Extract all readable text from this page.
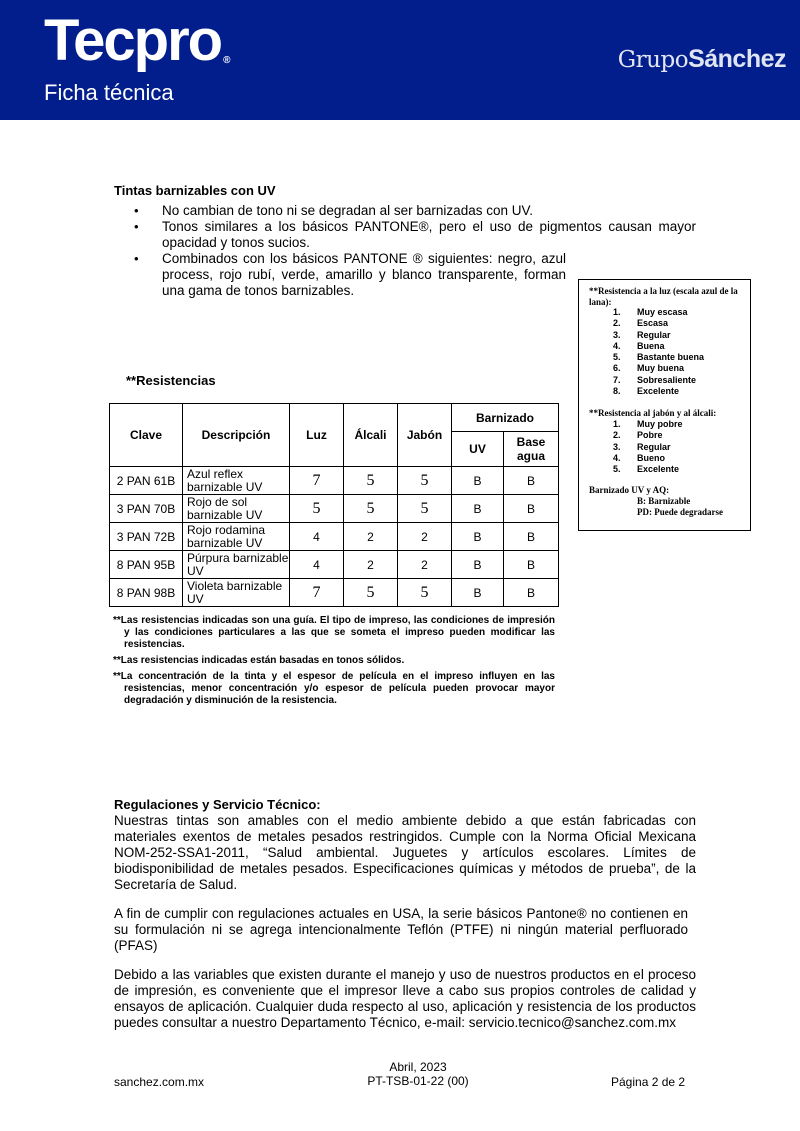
Tecpro ®
Ficha técnica
GrupoSánchez
Tintas barnizables con UV
• No cambian de tono ni se degradan al ser barnizadas con UV.
• Tonos similares a los básicos PANTONE®, pero el uso de pigmentos causan mayor opacidad y tonos sucios.
• Combinados con los básicos PANTONE ® siguientes: negro, azul process, rojo rubí, verde, amarillo y blanco transparente, forman una gama de tonos barnizables.
**Resistencias
Clave	Descripción	Luz	Álcali	Jabón	Barnizado	
					UV	Base agua
2 PAN 61B	Azul reflex barnizable UV	7	5	5	B	B
3 PAN 70B	Rojo de sol barnizable UV	5	5	5	B	B
3 PAN 72B	Rojo rodamina barnizable UV	4	2	2	B	B
8 PAN 95B	Púrpura barnizable UV	4	2	2	B	B
8 PAN 98B	Violeta barnizable UV	7	5	5	B	B
**Resistencia a la luz (escala azul de la lana):
1. Muy escasa
2. Escasa
3. Regular
4. Buena
5. Bastante buena
6. Muy buena
7. Sobresaliente
8. Excelente
**Resistencia al jabón y al álcali:
1. Muy pobre
2. Pobre
3. Regular
4. Bueno
5. Excelente
Barnizado UV y AQ:
B: Barnizable
PD: Puede degradarse
**Las resistencias indicadas son una guía. El tipo de impreso, las condiciones de impresión y las condiciones particulares a las que se someta el impreso pueden modificar las resistencias.
**Las resistencias indicadas están basadas en tonos sólidos.
**La concentración de la tinta y el espesor de película en el impreso influyen en las resistencias, menor concentración y/o espesor de película pueden provocar mayor degradación y disminución de la resistencia.
Regulaciones y Servicio Técnico:
Nuestras tintas son amables con el medio ambiente debido a que están fabricadas con materiales exentos de metales pesados restringidos. Cumple con la Norma Oficial Mexicana NOM-252-SSA1-2011, “Salud ambiental. Juguetes y artículos escolares. Límites de biodisponibilidad de metales pesados. Especificaciones químicas y métodos de prueba”, de la Secretaría de Salud.
A fin de cumplir con regulaciones actuales en USA, la serie básicos Pantone® no contienen en su formulación ni se agrega intencionalmente Teflón (PTFE) ni ningún material perfluorado (PFAS)
Debido a las variables que existen durante el manejo y uso de nuestros productos en el proceso de impresión, es conveniente que el impresor lleve a cabo sus propios controles de calidad y ensayos de aplicación. Cualquier duda respecto al uso, aplicación y resistencia de los productos puedes consultar a nuestro Departamento Técnico, e-mail: servicio.tecnico@sanchez.com.mx
sanchez.com.mx
Abril, 2023
PT-TSB-01-22 (00)	Página 2 de 2
